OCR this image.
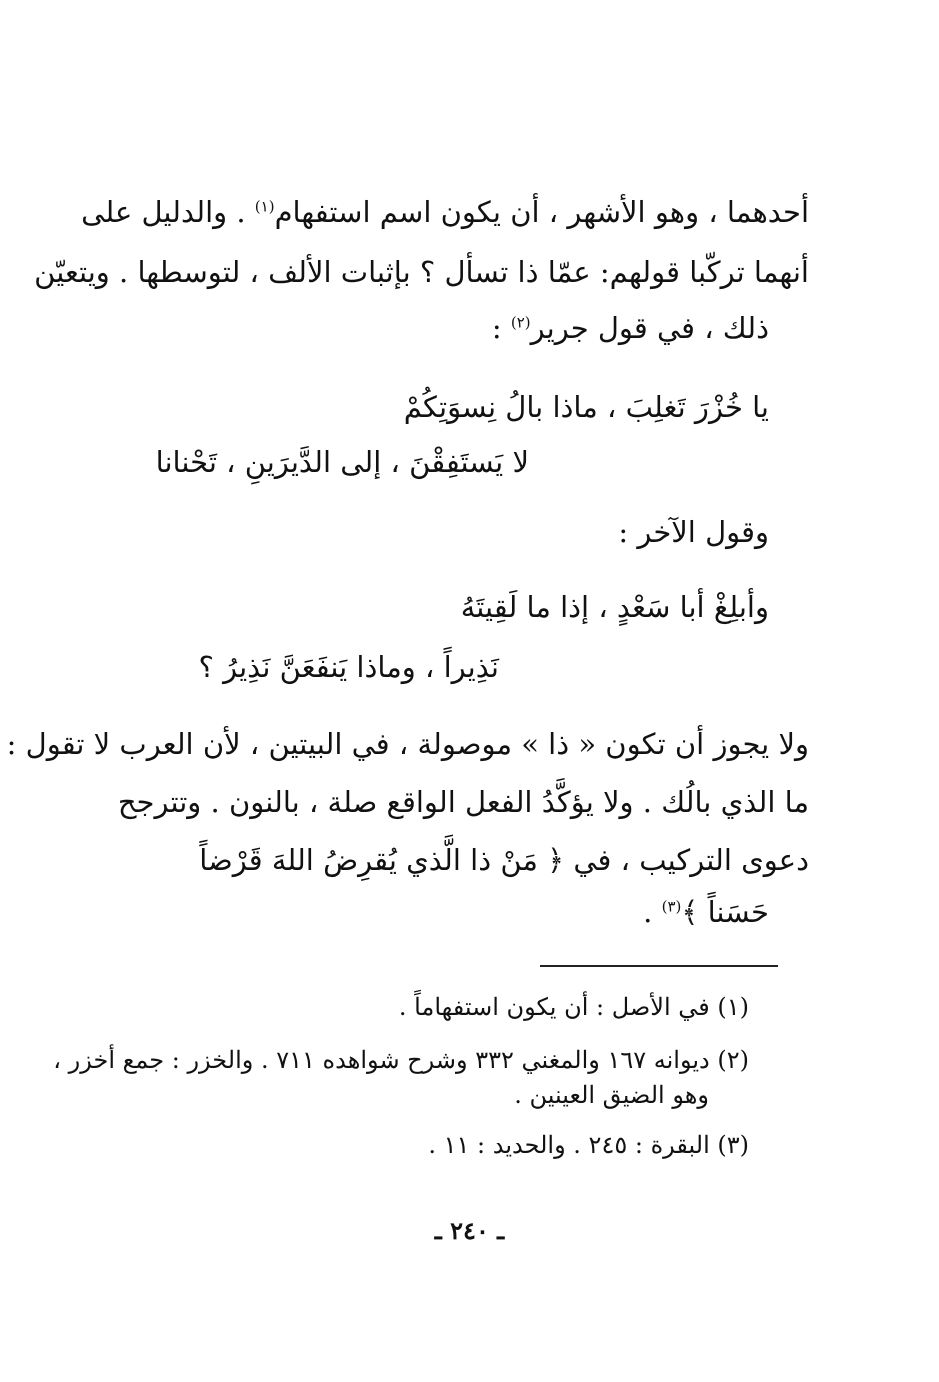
أحدهما ، وهو الأشهر ، أن يكون اسم استفهام$^{(١)}$ . والدليل على
أنهما تركّبا قولهم: عمّا ذا تسأل ؟ بإثبات الألف ، لتوسطها . ويتعيّن
ذلك ، في قول جرير$^{(٢)}$ :
يا خُزْرَ تَغلِبَ ، ماذا بالُ نِسوَتِكُمْ
لا يَستَفِقْنَ ، إلى الدَّيرَينِ ، تَحْنانا
وقول الآخر :
وأبلِغْ أبا سَعْدٍ ، إذا ما لَقِيتَهُ
نَذِيراً ، وماذا يَنفَعَنَّ نَذِيرُ ؟
ولا يجوز أن تكون « ذا » موصولة ، في البيتين ، لأن العرب لا تقول :
ما الذي بالُك . ولا يؤكَّدُ الفعل الواقع صلة ، بالنون . وتترجح
دعوى التركيب ، في ﴿ مَنْ ذا الَّذي يُقرِضُ اللهَ قَرْضاً
حَسَناً ﴾$^{(٣)}$ .
(١) في الأصل : أن يكون استفهاماً .
(٢) ديوانه ١٦٧ والمغني ٣٣٢ وشرح شواهده ٧١١ . والخزر : جمع أخزر ،
وهو الضيق العينين .
(٣) البقرة : ٢٤٥ . والحديد : ١١ .
ـ ٢٤٠ ـ
